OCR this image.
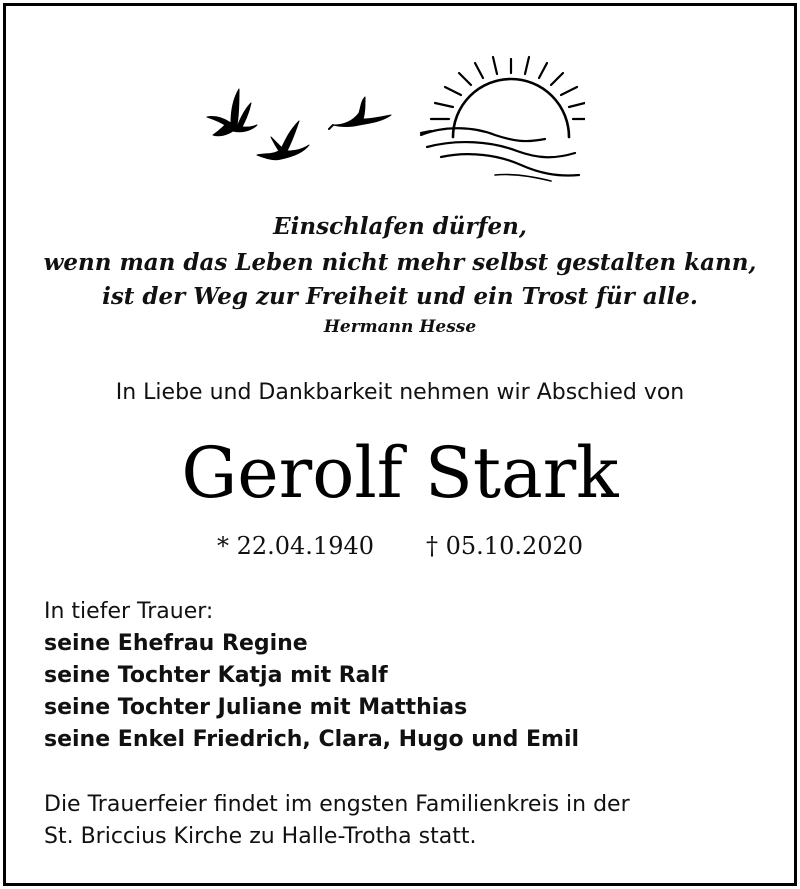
Einschlafen dürfen,

wenn man das Leben nicht mehr selbst gestalten kann,

ist der Weg zur Freiheit und ein Trost für alle.

Hermann Hesse

In Liebe und Dankbarkeit nehmen wir Abschied von

Gerolf Stark

* 22.04.1940 † 05.10.2020

In tiefer Trauer:
seine Ehefrau Regine
seine Tochter Katja mit Ralf
seine Tochter Juliane mit Matthias
seine Enkel Friedrich, Clara, Hugo und Emil
Die Trauerfeier findet im engsten Familienkreis in der
St. Briccius Kirche zu Halle-Trotha statt.
